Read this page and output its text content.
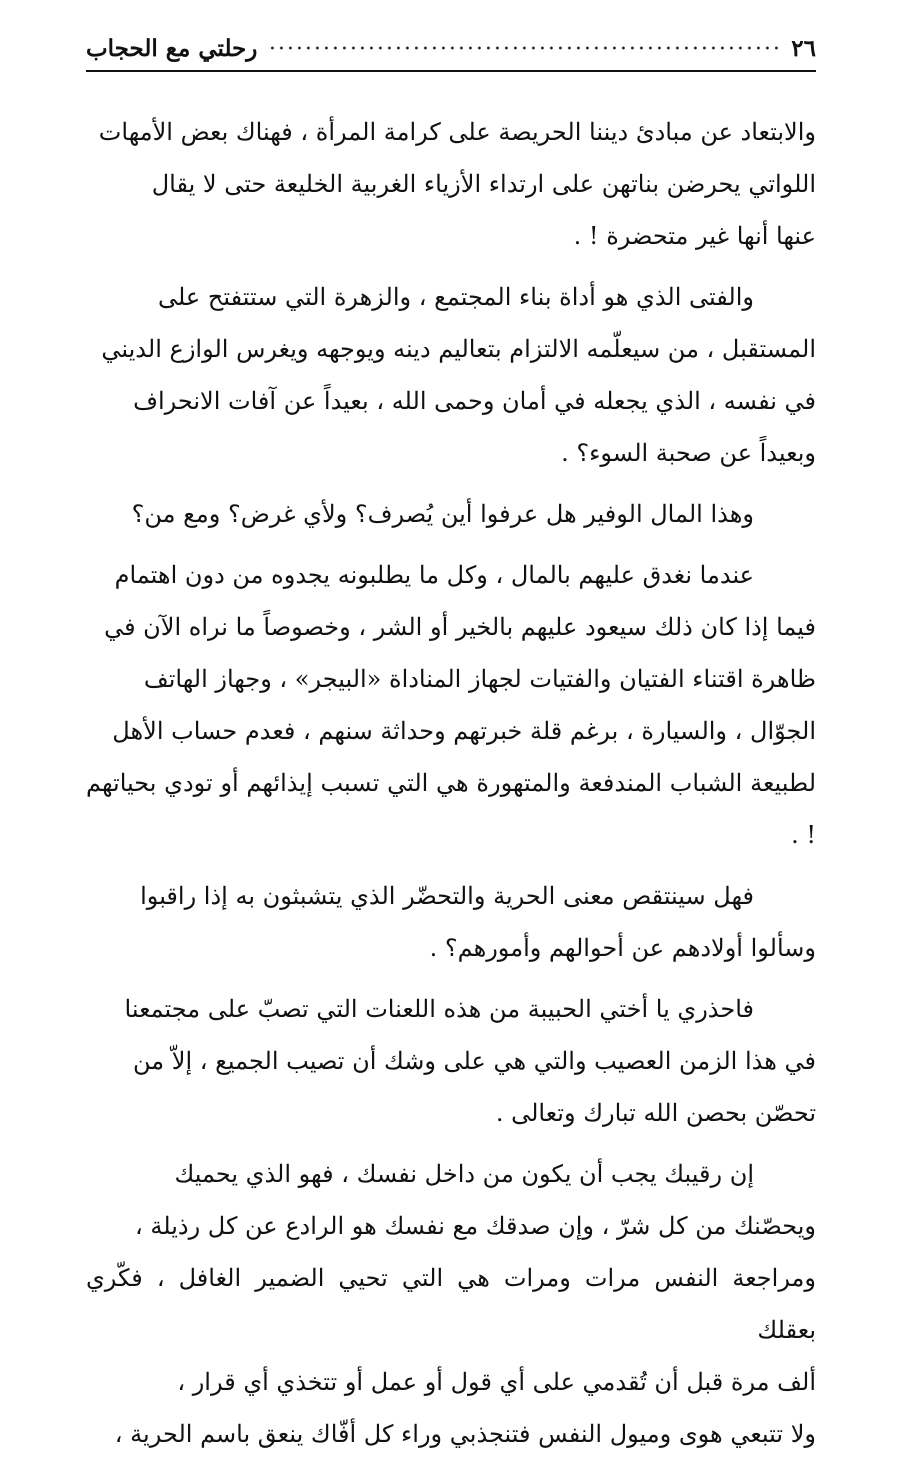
٢٦
رحلتي مع الحجاب
والابتعاد عن مبادئ ديننا الحريصة على كرامة المرأة ، فهناك بعض الأمهات
اللواتي يحرضن بناتهن على ارتداء الأزياء الغربية الخليعة حتى لا يقال
عنها أنها غير متحضرة ! .
والفتى الذي هو أداة بناء المجتمع ، والزهرة التي ستتفتح على
المستقبل ، من سيعلّمه الالتزام بتعاليم دينه ويوجهه ويغرس الوازع الديني
في نفسه ، الذي يجعله في أمان وحمى الله ، بعيداً عن آفات الانحراف
وبعيداً عن صحبة السوء؟ .
وهذا المال الوفير هل عرفوا أين يُصرف؟ ولأي غرض؟ ومع من؟
عندما نغدق عليهم بالمال ، وكل ما يطلبونه يجدوه من دون اهتمام
فيما إذا كان ذلك سيعود عليهم بالخير أو الشر ، وخصوصاً ما نراه الآن في
ظاهرة اقتناء الفتيان والفتيات لجهاز المناداة «البيجر» ، وجهاز الهاتف
الجوّال ، والسيارة ، برغم قلة خبرتهم وحداثة سنهم ، فعدم حساب الأهل
لطبيعة الشباب المندفعة والمتهورة هي التي تسبب إيذائهم أو تودي بحياتهم ! .
فهل سينتقص معنى الحرية والتحضّر الذي يتشبثون به إذا راقبوا
وسألوا أولادهم عن أحوالهم وأمورهم؟ .
فاحذري يا أختي الحبيبة من هذه اللعنات التي تصبّ على مجتمعنا
في هذا الزمن العصيب والتي هي على وشك أن تصيب الجميع ، إلاّ من
تحصّن بحصن الله تبارك وتعالى .
إن رقيبك يجب أن يكون من داخل نفسك ، فهو الذي يحميك
ويحصّنك من كل شرّ ، وإن صدقك مع نفسك هو الرادع عن كل رذيلة ،
ومراجعة النفس مرات ومرات هي التي تحيي الضمير الغافل ، فكّري بعقلك
ألف مرة قبل أن تُقدمي على أي قول أو عمل أو تتخذي أي قرار ،
ولا تتبعي هوى وميول النفس فتنجذبي وراء كل أفّاك ينعق باسم الحرية ،
